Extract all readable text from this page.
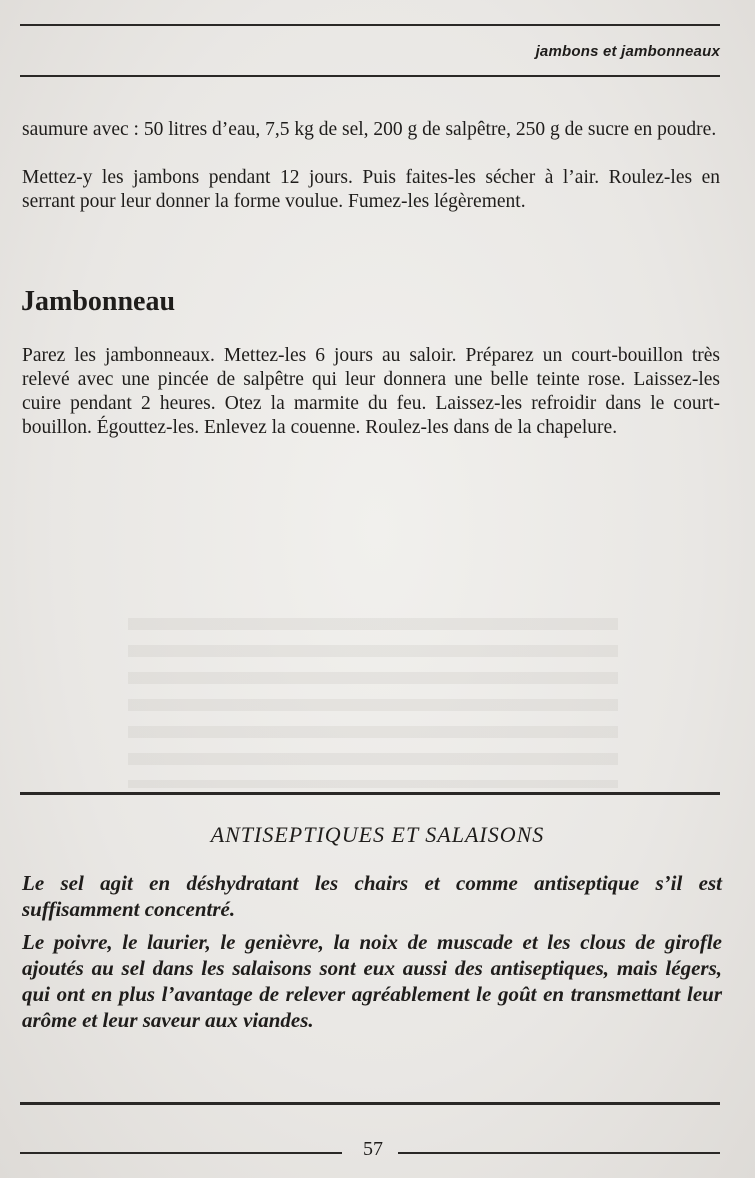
jambons et jambonneaux

saumure avec : 50 litres d’eau, 7,5 kg de sel, 200 g de salpêtre, 250 g de sucre en poudre.

Mettez-y les jambons pendant 12 jours. Puis faites-les sécher à l’air. Roulez-les en serrant pour leur donner la forme voulue. Fumez-les légèrement.

Jambonneau

Parez les jambonneaux. Mettez-les 6 jours au saloir. Préparez un court-bouillon très relevé avec une pincée de salpêtre qui leur donnera une belle teinte rose. Laissez-les cuire pendant 2 heures. Otez la marmite du feu. Laissez-les refroidir dans le court-bouillon. Égouttez-les. Enlevez la couenne. Roulez-les dans de la chapelure.

ANTISEPTIQUES ET SALAISONS

Le sel agit en déshydratant les chairs et comme antiseptique s’il est suffisamment concentré.

Le poivre, le laurier, le genièvre, la noix de muscade et les clous de girofle ajoutés au sel dans les salaisons sont eux aussi des antiseptiques, mais légers, qui ont en plus l’avantage de relever agréablement le goût en transmettant leur arôme et leur saveur aux viandes.

57
